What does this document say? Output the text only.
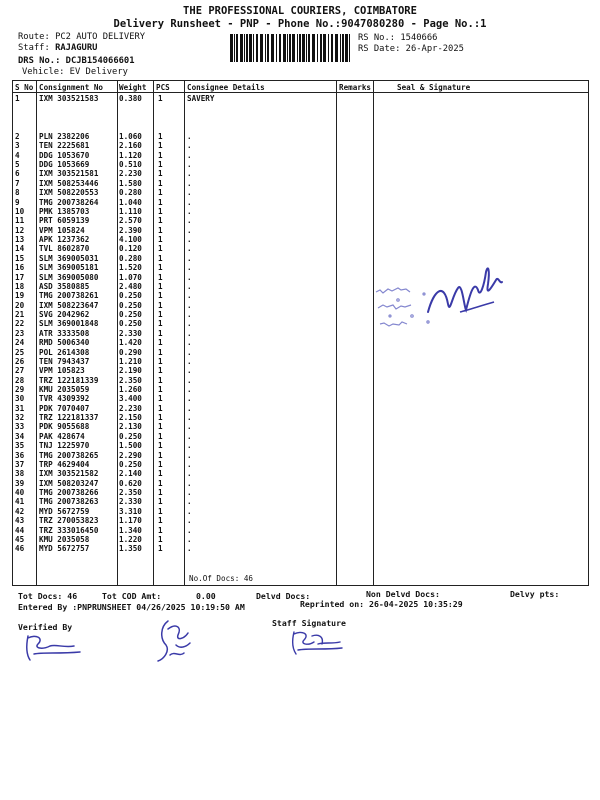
THE PROFESSIONAL COURIERS, COIMBATORE
Delivery Runsheet - PNP - Phone No.:9047080280 - Page No.:1
Route: PC2 AUTO DELIVERY
Staff: RAJAGURU
DRS No.: DCJB154066601
Vehicle: EV Delivery
RS No.: 1540666
RS Date: 26-Apr-2025
S No Consignment No Weight PCS Consignee Details	Remarks	Seal & Signature
1	IXM 303521583	0.380 1	SAVERY
2	PLN 2382206	1.060 1	.
3	TEN 2225681	2.160 1	.
4	DDG 1053670	1.120 1	.
5	DDG 1053669	0.510 1	.
6	IXM 303521581	2.230 1	.
7	IXM 508253446	1.580 1	.
8	IXM 508220553	0.280 1	.
9	TMG 200738264	1.040 1	.
10 PMK 1385703	1.110 1	.
11 PRT 6059139	2.570 1	.
12 VPM 105824	2.390 1	.
13 APK 1237362	4.100 1	.
14 TVL 8602870	0.120 1	.
15 SLM 369005031	0.280 1	.
16 SLM 369005181	1.520 1	.
17 SLM 369005080	1.070 1	.
18 ASD 3580885	2.480 1	.
19 TMG 200738261	0.250 1	.
20 IXM 508223647	0.250 1	.
21 SVG 2042962	0.250 1	.
22 SLM 369001848	0.250 1	.
23 ATR 3333508	2.330 1	.
24 RMD 5006340	1.420 1	.
25 POL 2614308	0.290 1	.
26 TEN 7943437	1.210 1	.
27 VPM 105823	2.190 1	.
28 TRZ 122181339	2.350 1	.
29 KMU 2035059	1.260 1	.
30 TVR 4309392	3.400 1	.
31 PDK 7070407	2.230 1	.
32 TRZ 122181337	2.150 1	.
33 PDK 9055688	2.130 1	.
34 PAK 428674	0.250 1	.
35 TNJ 1225970	1.500 1	.
36 TMG 200738265	2.290 1	.
37 TRP 4629404	0.250 1	.
38 IXM 303521582	2.140 1	.
39 IXM 508203247	0.620 1	.
40 TMG 200738266	2.350 1	.
41 TMG 200738263	2.330 1	.
42 MYD 5672759	3.310 1	.
43 TRZ 270053823	1.170 1	.
44 TRZ 333016450	1.340 1	.
45 KMU 2035058	1.220 1	.
46 MYD 5672757	1.350 1	.
No.Of Docs: 46
Tot Docs: 46	Tot COD Amt:	0.00	Delvd Docs:	Non Delvd Docs:	Delvy pts:
Entered By :PNPRUNSHEET 04/26/2025 10:19:50 AM	Reprinted on: 26-04-2025 10:35:29
Verified By	Staff Signature
